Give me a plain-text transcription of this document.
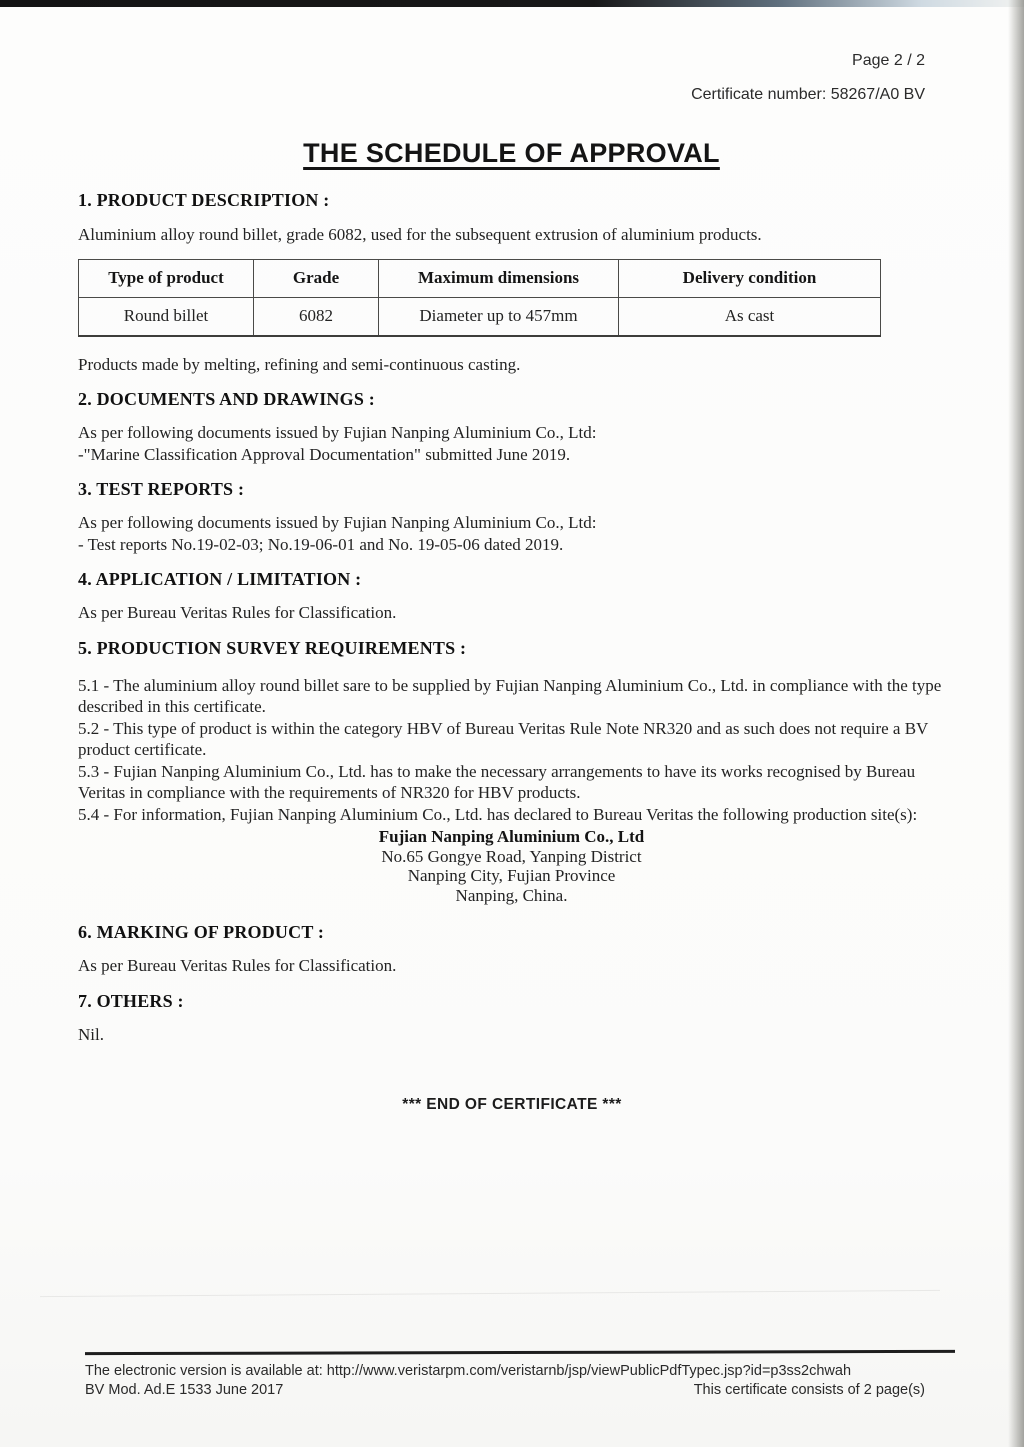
Page 2 / 2
Certificate number: 58267/A0 BV
THE SCHEDULE OF APPROVAL
1. PRODUCT DESCRIPTION :
Aluminium alloy round billet, grade 6082, used for the subsequent extrusion of aluminium products.
Type of product	Grade	Maximum dimensions	Delivery condition
Round billet	6082	Diameter up to 457mm	As cast
Products made by melting, refining and semi-continuous casting.
2. DOCUMENTS AND DRAWINGS :
As per following documents issued by Fujian Nanping Aluminium Co., Ltd:
-"Marine Classification Approval Documentation" submitted June 2019.
3. TEST REPORTS :
As per following documents issued by Fujian Nanping Aluminium Co., Ltd:
- Test reports No.19-02-03; No.19-06-01 and No. 19-05-06 dated 2019.
4. APPLICATION / LIMITATION :
As per Bureau Veritas Rules for Classification.
5. PRODUCTION SURVEY REQUIREMENTS :
5.1 - The aluminium alloy round billet sare to be supplied by Fujian Nanping Aluminium Co., Ltd. in compliance with the type described in this certificate.
5.2 - This type of product is within the category HBV of Bureau Veritas Rule Note NR320 and as such does not require a BV product certificate.
5.3 - Fujian Nanping Aluminium Co., Ltd. has to make the necessary arrangements to have its works recognised by Bureau Veritas in compliance with the requirements of NR320 for HBV products.
5.4 - For information, Fujian Nanping Aluminium Co., Ltd. has declared to Bureau Veritas the following production site(s):
Fujian Nanping Aluminium Co., Ltd
No.65 Gongye Road, Yanping District
Nanping City, Fujian Province
Nanping, China.
6. MARKING OF PRODUCT :
As per Bureau Veritas Rules for Classification.
7. OTHERS :
Nil.
*** END OF CERTIFICATE ***
The electronic version is available at: http://www.veristarpm.com/veristarnb/jsp/viewPublicPdfTypec.jsp?id=p3ss2chwah
BV Mod. Ad.E 1533 June 2017	This certificate consists of 2 page(s)
